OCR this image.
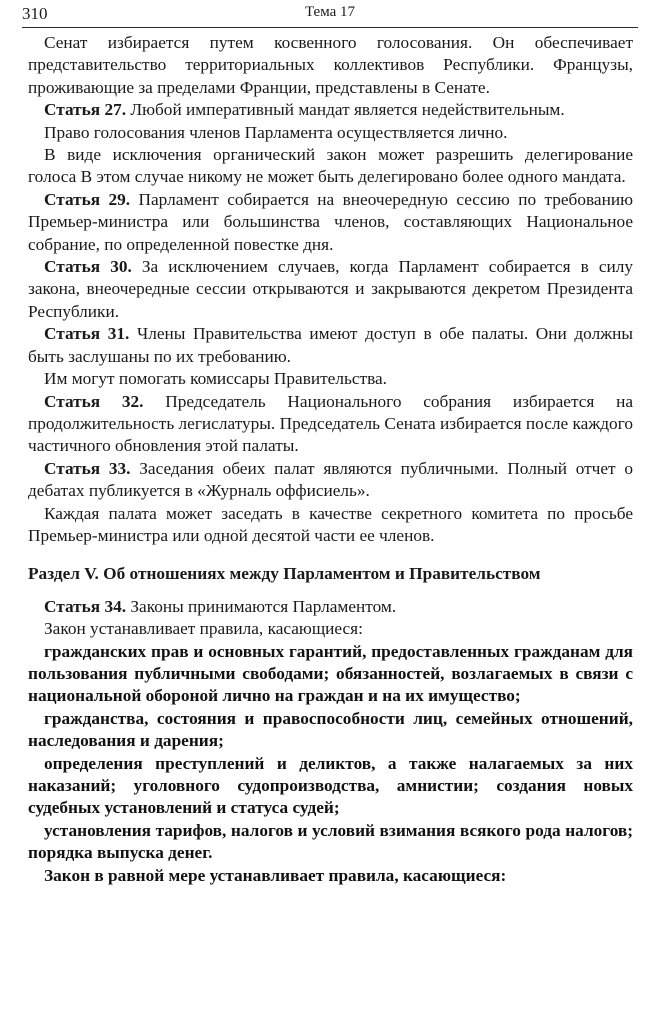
310	Тема 17

Сенат избирается путем косвенного голосования. Он обеспечивает представительство территориальных коллективов Республики. Французы, проживающие за пределами Франции, представлены в Сенате.

Статья 27. Любой императивный мандат является недействительным.

Право голосования членов Парламента осуществляется лично.

В виде исключения органический закон может разрешить делегирование голоса В этом случае никому не может быть делегировано более одного мандата.

Статья 29. Парламент собирается на внеочередную сессию по требованию Премьер-министра или большинства членов, составляющих Национальное собрание, по определенной повестке дня.

Статья 30. За исключением случаев, когда Парламент собирается в силу закона, внеочередные сессии открываются и закрываются декретом Президента Республики.

Статья 31. Члены Правительства имеют доступ в обе палаты. Они должны быть заслушаны по их требованию.

Им могут помогать комиссары Правительства.

Статья 32. Председатель Национального собрания избирается на продолжительность легислатуры. Председатель Сената избирается после каждого частичного обновления этой палаты.

Статья 33. Заседания обеих палат являются публичными. Полный отчет о дебатах публикуется в «Журналь оффисиель».

Каждая палата может заседать в качестве секретного комитета по просьбе Премьер-министра или одной десятой части ее членов.

Раздел V. Об отношениях между Парламентом и Правительством

Статья 34. Законы принимаются Парламентом.

Закон устанавливает правила, касающиеся:

гражданских прав и основных гарантий, предоставленных гражданам для пользования публичными свободами; обязанностей, возлагаемых в связи с национальной обороной лично на граждан и на их имущество;

гражданства, состояния и правоспособности лиц, семейных отношений, наследования и дарения;

определения преступлений и деликтов, а также налагаемых за них наказаний; уголовного судопроизводства, амнистии; создания новых судебных установлений и статуса судей;

установления тарифов, налогов и условий взимания всякого рода налогов; порядка выпуска денег.

Закон в равной мере устанавливает правила, касающиеся:
